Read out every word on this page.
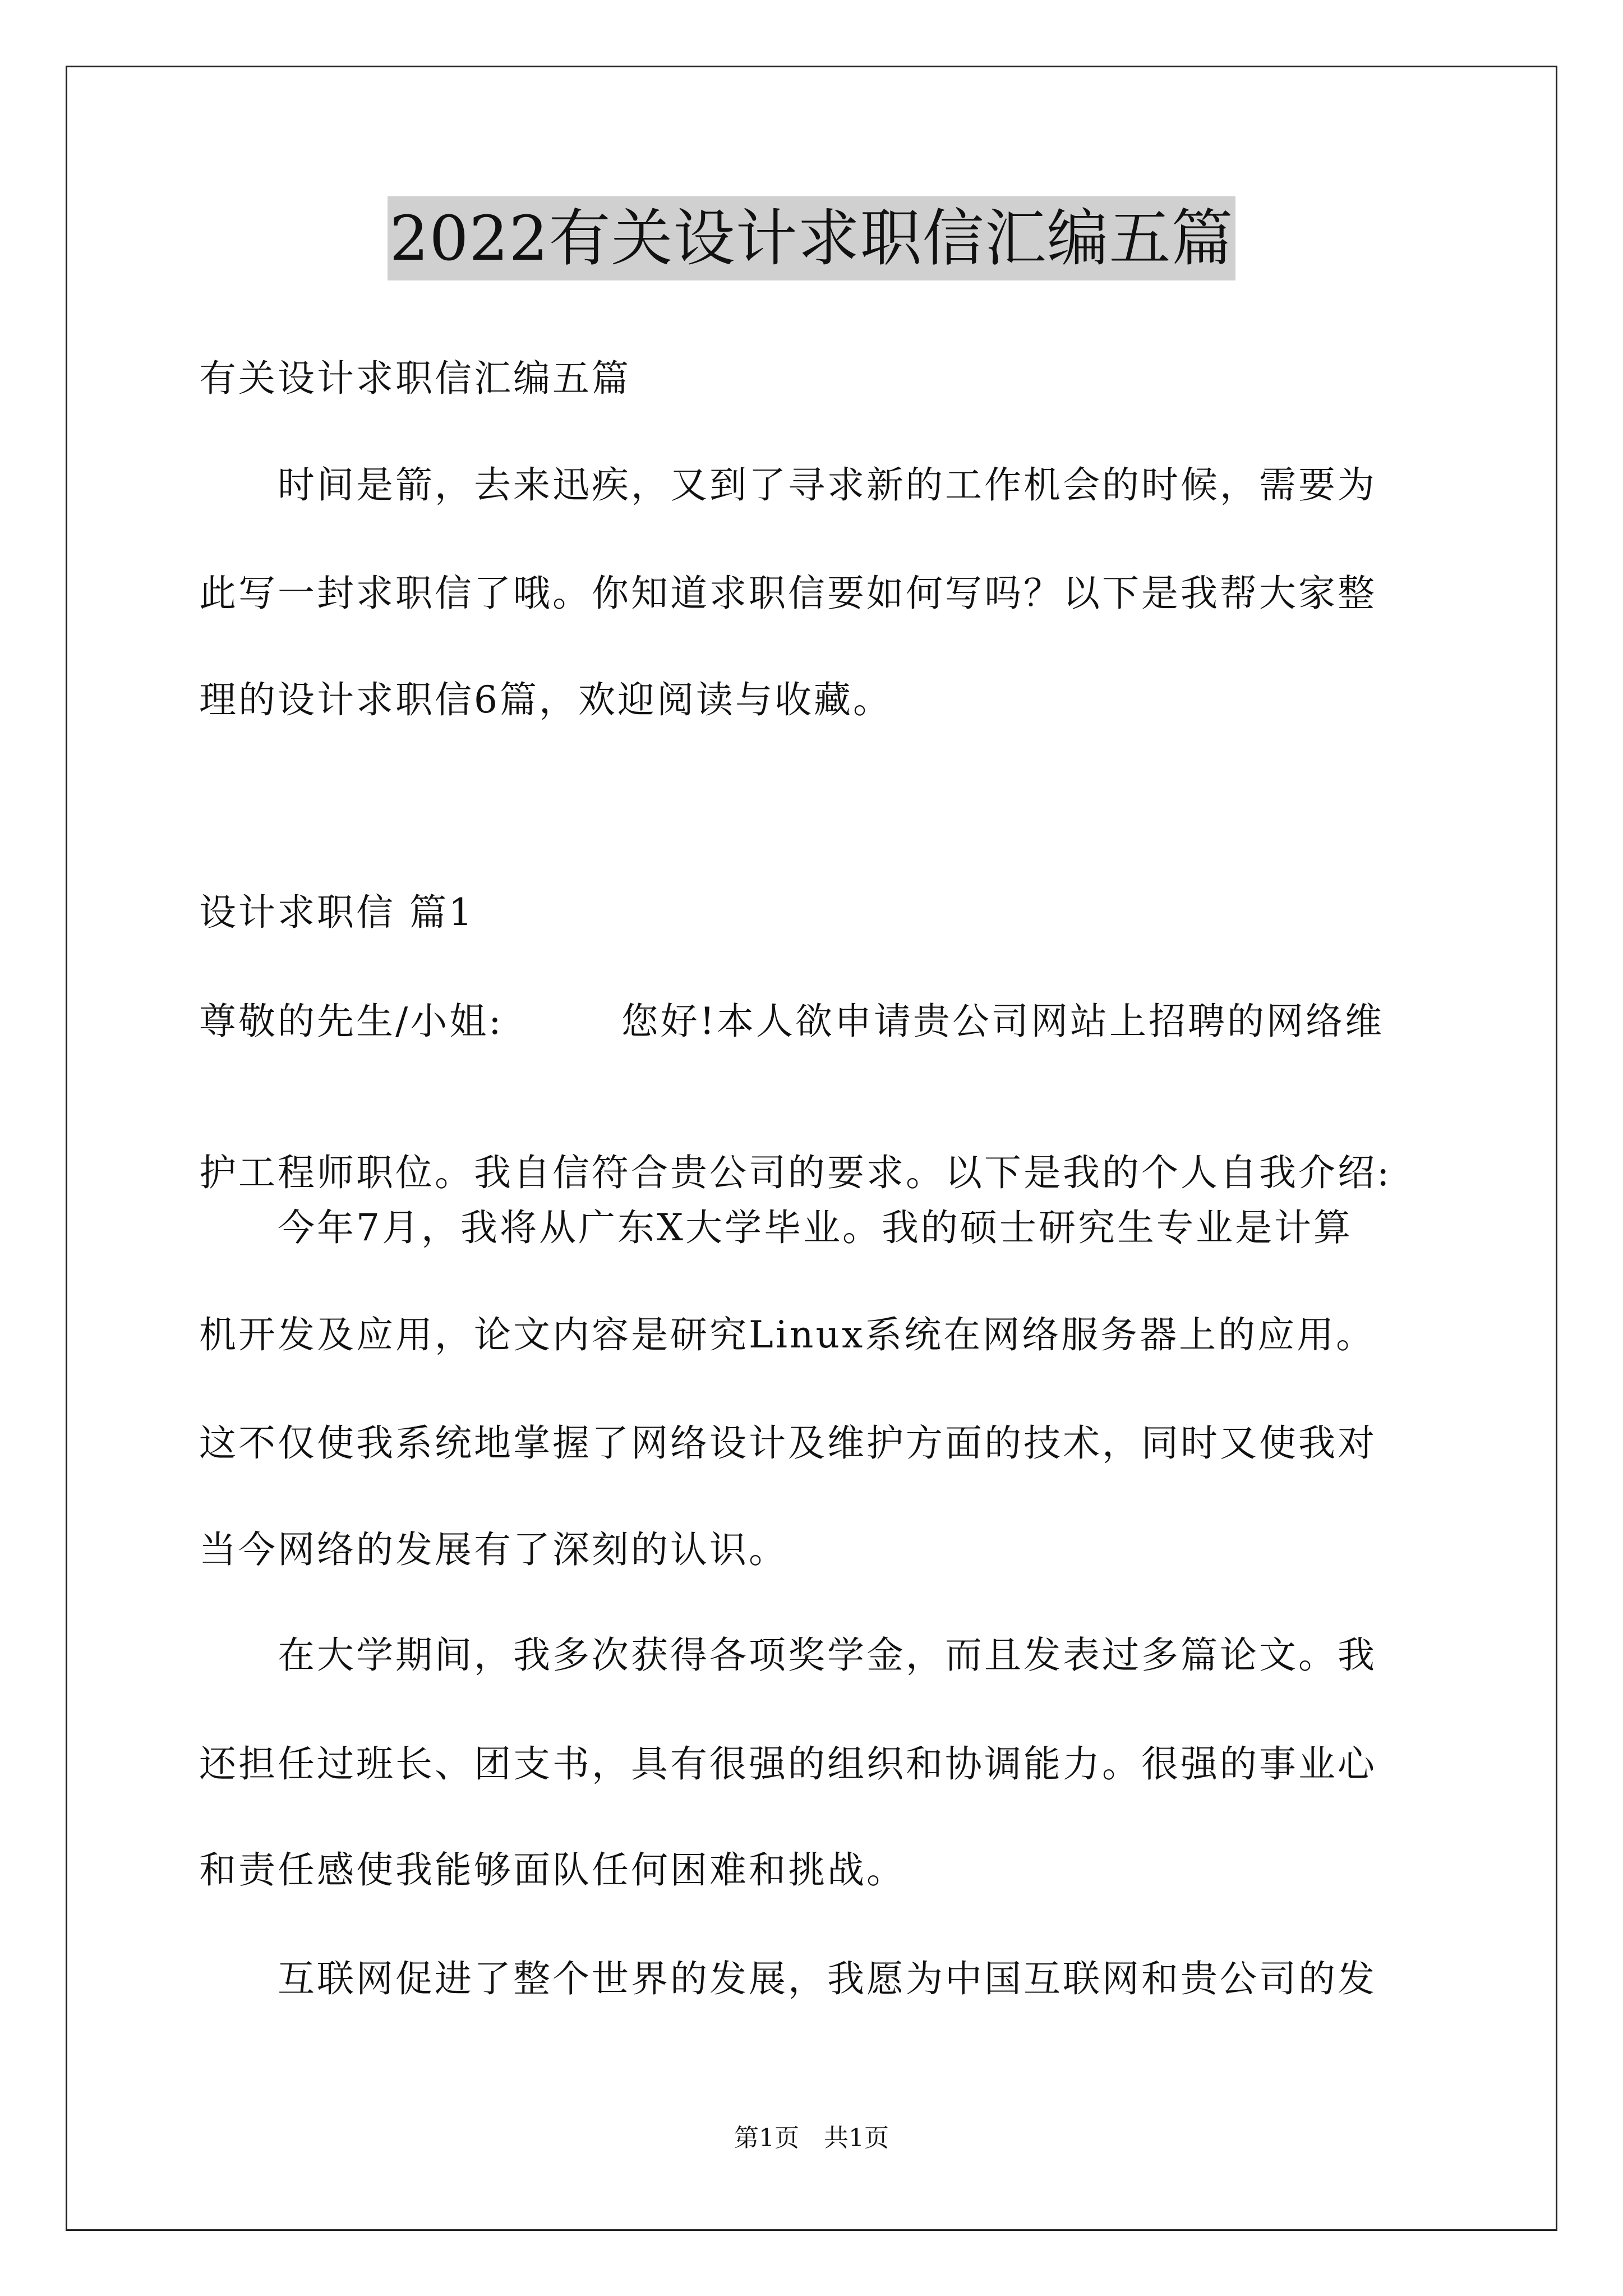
2022有关设计求职信汇编五篇
有关设计求职信汇编五篇
　　时间是箭，去来迅疾，又到了寻求新的工作机会的时候，需要为
此写一封求职信了哦。你知道求职信要如何写吗？以下是我帮大家整
理的设计求职信6篇，欢迎阅读与收藏。
设计求职信 篇1
尊敬的先生/小姐:　　　您好!本人欲申请贵公司网站上招聘的网络维
护工程师职位。我自信符合贵公司的要求。以下是我的个人自我介绍:
　　今年7月，我将从广东X大学毕业。我的硕士研究生专业是计算
机开发及应用，论文内容是研究Linux系统在网络服务器上的应用。
这不仅使我系统地掌握了网络设计及维护方面的技术，同时又使我对
当今网络的发展有了深刻的认识。
　　在大学期间，我多次获得各项奖学金，而且发表过多篇论文。我
还担任过班长、团支书，具有很强的组织和协调能力。很强的事业心
和责任感使我能够面队任何困难和挑战。
　　互联网促进了整个世界的发展，我愿为中国互联网和贵公司的发
第1页　共1页
